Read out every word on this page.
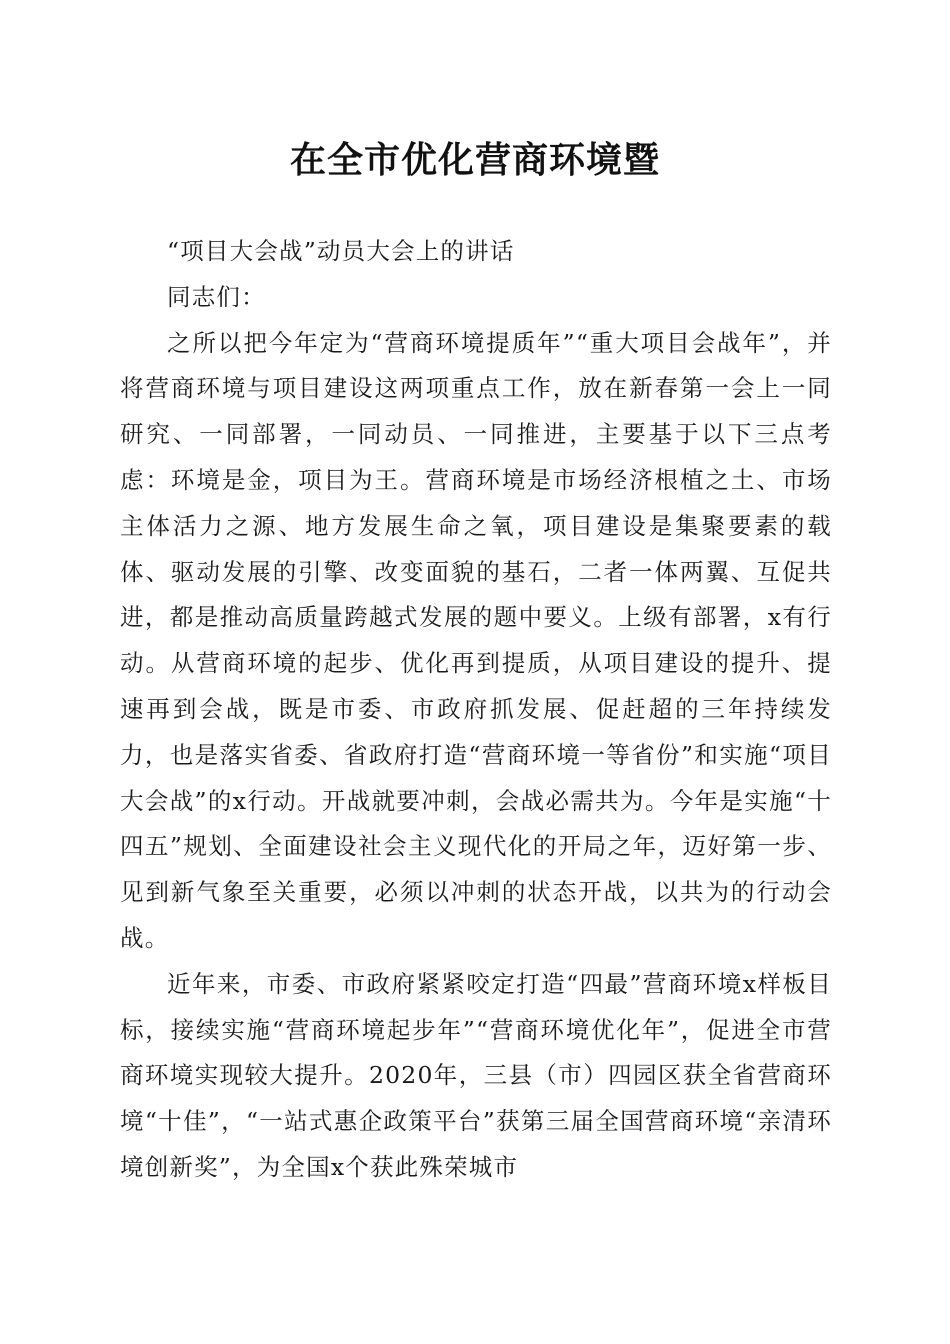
在全市优化营商环境暨

“项目大会战”动员大会上的讲话

同志们：

之所以把今年定为“营商环境提质年”“重大项目会战年”，并将营商环境与项目建设这两项重点工作，放在新春第一会上一同研究、一同部署，一同动员、一同推进，主要基于以下三点考虑：环境是金，项目为王。营商环境是市场经济根植之土、市场主体活力之源、地方发展生命之氧，项目建设是集聚要素的载体、驱动发展的引擎、改变面貌的基石，二者一体两翼、互促共进，都是推动高质量跨越式发展的题中要义。上级有部署，x有行动。从营商环境的起步、优化再到提质，从项目建设的提升、提速再到会战，既是市委、市政府抓发展、促赶超的三年持续发力，也是落实省委、省政府打造“营商环境一等省份”和实施“项目大会战”的x行动。开战就要冲刺，会战必需共为。今年是实施“十四五”规划、全面建设社会主义现代化的开局之年，迈好第一步、见到新气象至关重要，必须以冲刺的状态开战，以共为的行动会战。

近年来，市委、市政府紧紧咬定打造“四最”营商环境x样板目标，接续实施“营商环境起步年”“营商环境优化年”，促进全市营商环境实现较大提升。2020年，三县（市）四园区获全省营商环境“十佳”，“一站式惠企政策平台”获第三届全国营商环境“亲清环境创新奖”，为全国x个获此殊荣城市
